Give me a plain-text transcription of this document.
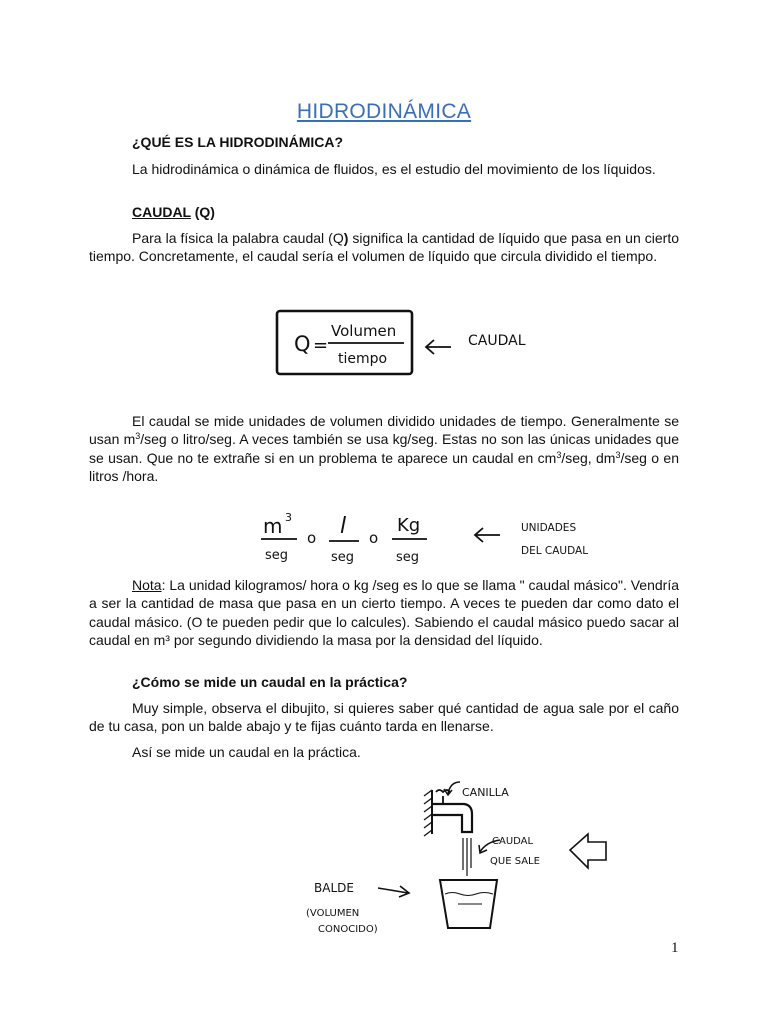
HIDRODINÁMICA
¿QUÉ ES LA HIDRODINÁMICA?
La hidrodinámica o dinámica de fluidos, es el estudio del movimiento de los líquidos.
CAUDAL (Q)
Para la física la palabra caudal (Q) significa la cantidad de líquido que pasa en un cierto tiempo. Concretamente, el caudal sería el volumen de líquido que circula dividido el tiempo.
Q =
Volumen
tiempo
CAUDAL
El caudal se mide unidades de volumen dividido unidades de tiempo. Generalmente se usan $m^3$/seg o litro/seg. A veces también se usa kg/seg. Estas no son las únicas unidades que se usan. Que no te extrañe si en un problema te aparece un caudal en $cm^3$/seg, $dm^3$/seg o en litros /hora.
m 3
seg
o l
seg
o
Kg
seg
UNIDADES
DEL CAUDAL
Nota: La unidad kilogramos/ hora o kg /seg es lo que se llama " caudal másico". Vendría a ser la cantidad de masa que pasa en un cierto tiempo. A veces te pueden dar como dato el caudal másico. (O te pueden pedir que lo calcules). Sabiendo el caudal másico puedo sacar al caudal en m³ por segundo dividiendo la masa por la densidad del líquido.
¿Cómo se mide un caudal en la práctica?
Muy simple, observa el dibujito, si quieres saber qué cantidad de agua sale por el caño de tu casa, pon un balde abajo y te fijas cuánto tarda en llenarse.
Así se mide un caudal en la práctica.
CANILLA
CAUDAL
QUE SALE
BALDE
(VOLUMEN
CONOCIDO)
1
